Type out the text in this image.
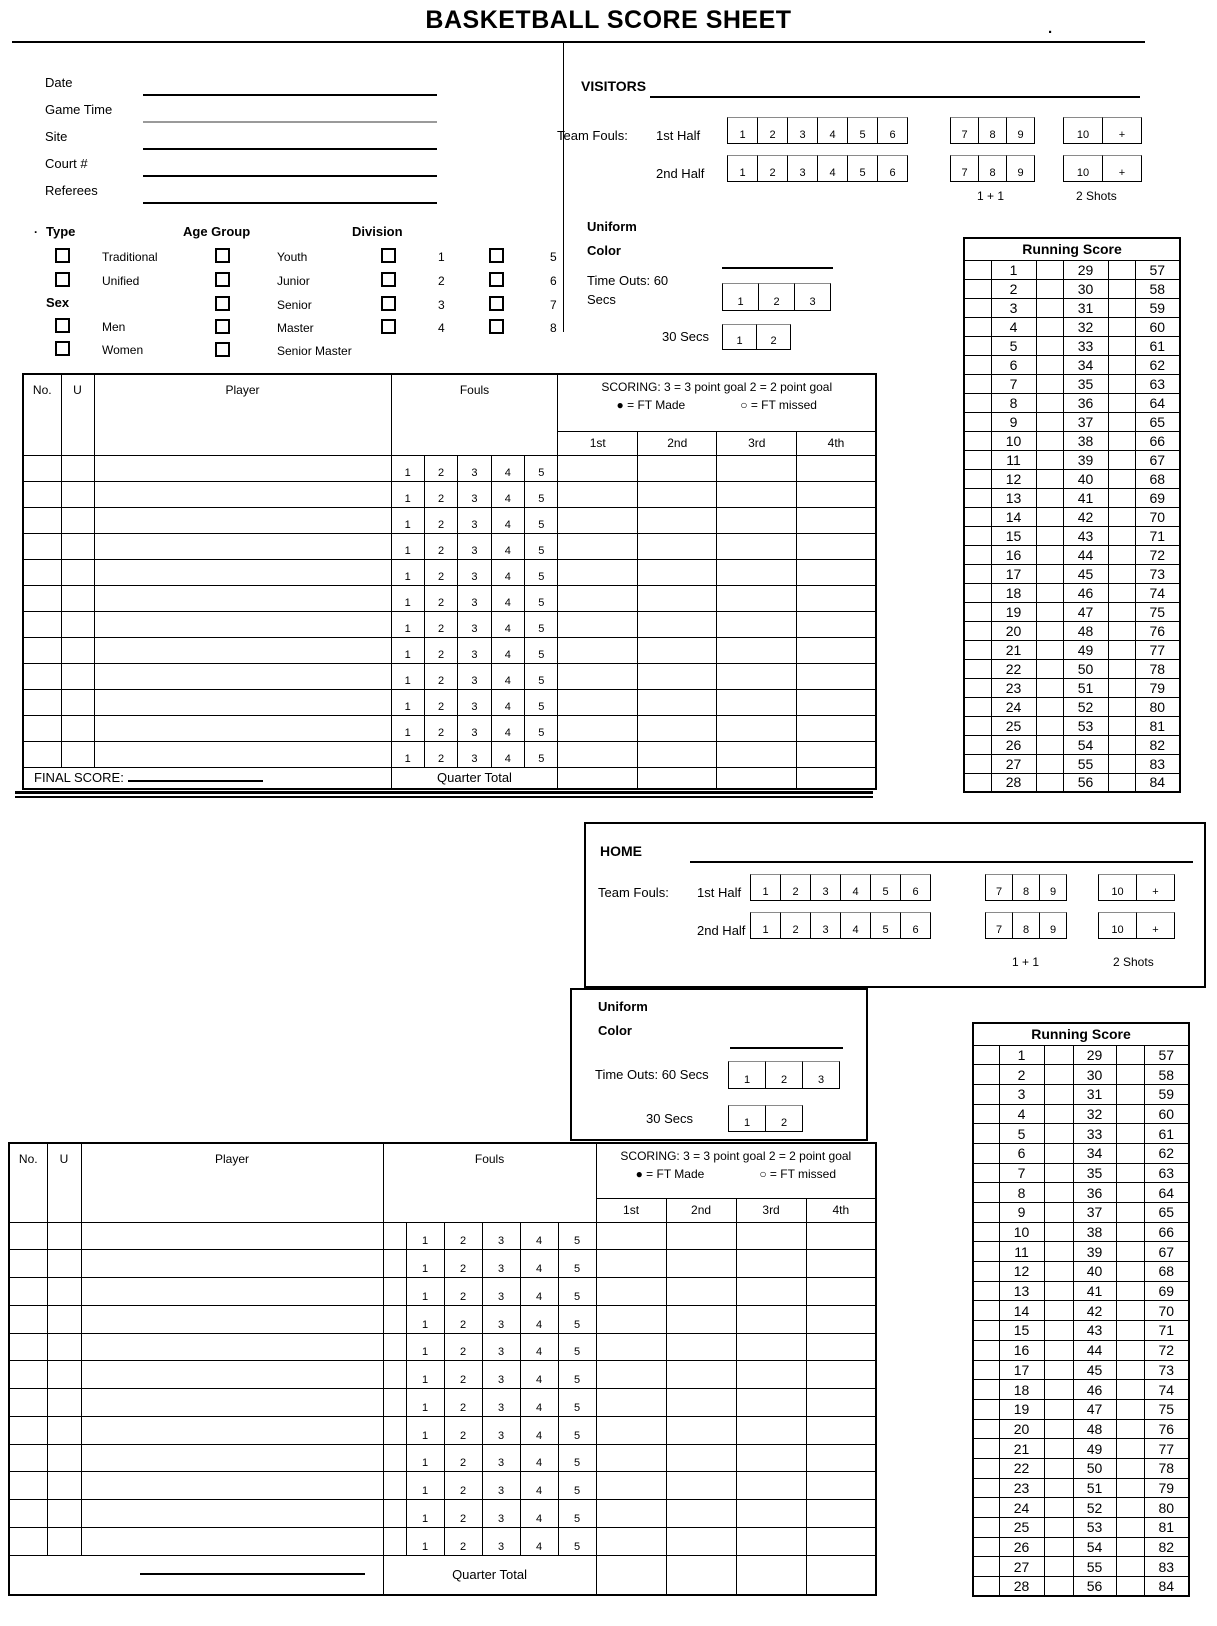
BASKETBALL SCORE SHEET	.
.
Date
Game Time
Site
Court #
Referees
VISITORS
Team Fouls: 1st Half	1	2	3	4	5	6	7	8	9	10	+
2nd Half	1	2	3	4	5	6	7	8	9	10	+
1 + 1	2 Shots
Type
Traditional
Unified
Sex
Men
Women
Age Group
Youth
Junior
Senior
Master
Senior Master
Division
1
2
3
4
5
6
7
8
Uniform
Color
Time Outs: 60
Secs	1	2	3
30 Secs	1	2
Running Score					
	1		29		57
	2		30		58
	3		31		59
	4		32		60
	5		33		61
	6		34		62
	7		35		63
	8		36		64
	9		37		65
	10		38		66
	11		39		67
	12		40		68
	13		41		69
	14		42		70
	15		43		71
	16		44		72
	17		45		73
	18		46		74
	19		47		75
	20		48		76
	21		49		77
	22		50		78
	23		51		79
	24		52		80
	25		53		81
	26		54		82
	27		55		83
	28		56		84
No.	U	Player	Fouls					SCORING: 3 = 3 point goal 2 = 2 point goal
● = FT Made ○ = FT missed			

								1st	2nd	3rd	4th
			1	2	3	4	5				
			1	2	3	4	5				
			1	2	3	4	5				
			1	2	3	4	5				
			1	2	3	4	5				
			1	2	3	4	5				
			1	2	3	4	5				
			1	2	3	4	5				
			1	2	3	4	5				
			1	2	3	4	5				
			1	2	3	4	5				
			1	2	3	4	5				
FINAL SCORE:			Quarter Total								
HOME
Team Fouls: 1st Half	1	2	3	4	5	6	7	8	9	10	+
2nd Half	1	2	3	4	5	6	7	8	9	10	+
1 + 1	2 Shots
Uniform
Color
Time Outs: 60 Secs	1	2	3
30 Secs	1	2
Running Score					
	1		29		57
	2		30		58
	3		31		59
	4		32		60
	5		33		61
	6		34		62
	7		35		63
	8		36		64
	9		37		65
	10		38		66
	11		39		67
	12		40		68
	13		41		69
	14		42		70
	15		43		71
	16		44		72
	17		45		73
	18		46		74
	19		47		75
	20		48		76
	21		49		77
	22		50		78
	23		51		79
	24		52		80
	25		53		81
	26		54		82
	27		55		83
	28		56		84
No.	U	Player	Fouls						SCORING: 3 = 3 point goal 2 = 2 point goal
● = FT Made ○ = FT missed			

									1st	2nd	3rd	4th
				1	2	3	4	5				
				1	2	3	4	5				
				1	2	3	4	5				
				1	2	3	4	5				
				1	2	3	4	5				
				1	2	3	4	5				
				1	2	3	4	5				
				1	2	3	4	5				
				1	2	3	4	5				
				1	2	3	4	5				
				1	2	3	4	5				
				1	2	3	4	5				
			Quarter Total									
